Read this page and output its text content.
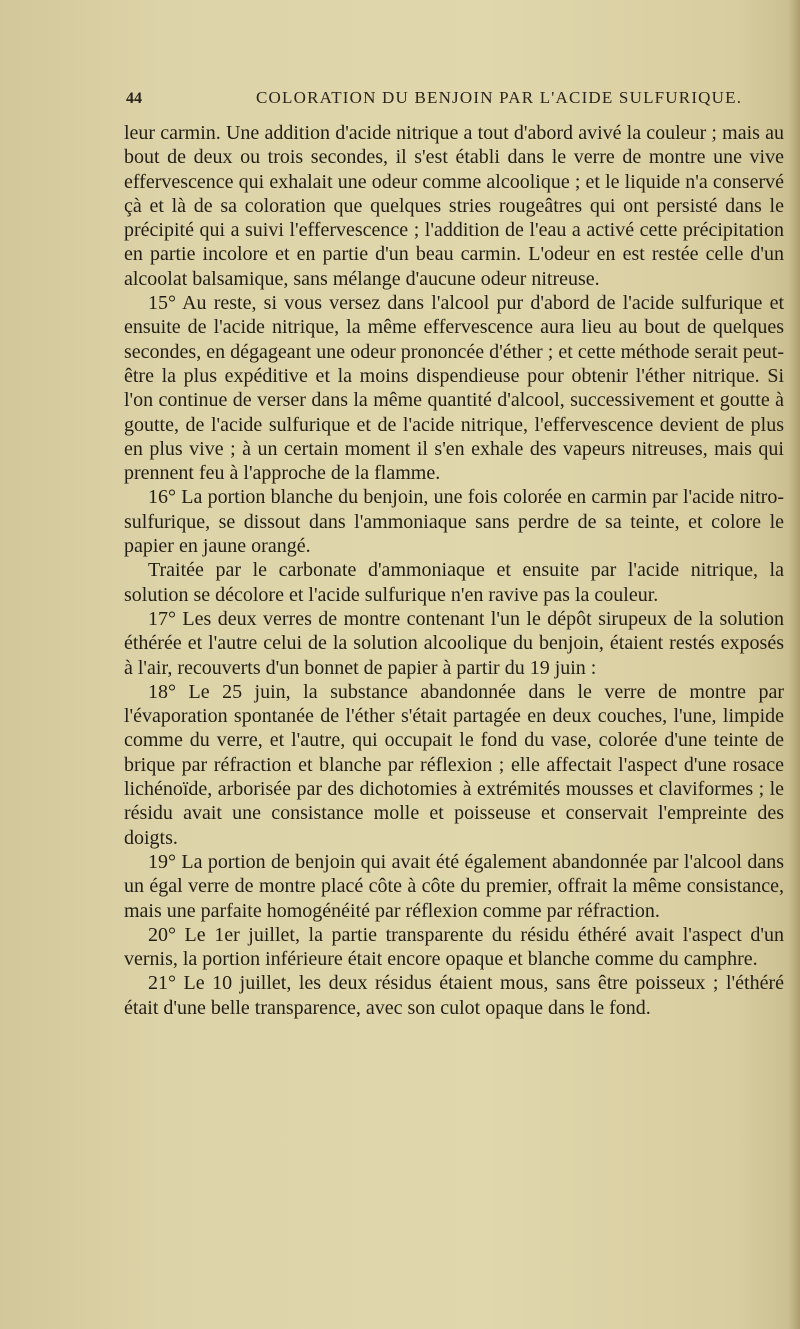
44	COLORATION DU BENJOIN PAR L'ACIDE SULFURIQUE.

leur carmin. Une addition d'acide nitrique a tout d'abord avivé la couleur ; mais au bout de deux ou trois secondes, il s'est établi dans le verre de montre une vive effervescence qui exhalait une odeur comme alcoolique ; et le liquide n'a conservé çà et là de sa coloration que quelques stries rougeâtres qui ont persisté dans le précipité qui a suivi l'effervescence ; l'addition de l'eau a activé cette précipitation en partie incolore et en partie d'un beau carmin. L'odeur en est restée celle d'un alcoolat balsamique, sans mélange d'aucune odeur nitreuse.

15° Au reste, si vous versez dans l'alcool pur d'abord de l'acide sulfurique et ensuite de l'acide nitrique, la même effervescence aura lieu au bout de quelques secondes, en dégageant une odeur prononcée d'éther ; et cette méthode serait peut-être la plus expéditive et la moins dispendieuse pour obtenir l'éther nitrique. Si l'on continue de verser dans la même quantité d'alcool, successivement et goutte à goutte, de l'acide sulfurique et de l'acide nitrique, l'effervescence devient de plus en plus vive ; à un certain moment il s'en exhale des vapeurs nitreuses, mais qui prennent feu à l'approche de la flamme.

16° La portion blanche du benjoin, une fois colorée en carmin par l'acide nitro-sulfurique, se dissout dans l'ammoniaque sans perdre de sa teinte, et colore le papier en jaune orangé.

Traitée par le carbonate d'ammoniaque et ensuite par l'acide nitrique, la solution se décolore et l'acide sulfurique n'en ravive pas la couleur.

17° Les deux verres de montre contenant l'un le dépôt sirupeux de la solution éthérée et l'autre celui de la solution alcoolique du benjoin, étaient restés exposés à l'air, recouverts d'un bonnet de papier à partir du 19 juin :

18° Le 25 juin, la substance abandonnée dans le verre de montre par l'évaporation spontanée de l'éther s'était partagée en deux couches, l'une, limpide comme du verre, et l'autre, qui occupait le fond du vase, colorée d'une teinte de brique par réfraction et blanche par réflexion ; elle affectait l'aspect d'une rosace lichénoïde, arborisée par des dichotomies à extrémités mousses et claviformes ; le résidu avait une consistance molle et poisseuse et conservait l'empreinte des doigts.

19° La portion de benjoin qui avait été également abandonnée par l'alcool dans un égal verre de montre placé côte à côte du premier, offrait la même consistance, mais une parfaite homogénéité par réflexion comme par réfraction.

20° Le 1er juillet, la partie transparente du résidu éthéré avait l'aspect d'un vernis, la portion inférieure était encore opaque et blanche comme du camphre.

21° Le 10 juillet, les deux résidus étaient mous, sans être poisseux ; l'éthéré était d'une belle transparence, avec son culot opaque dans le fond.
